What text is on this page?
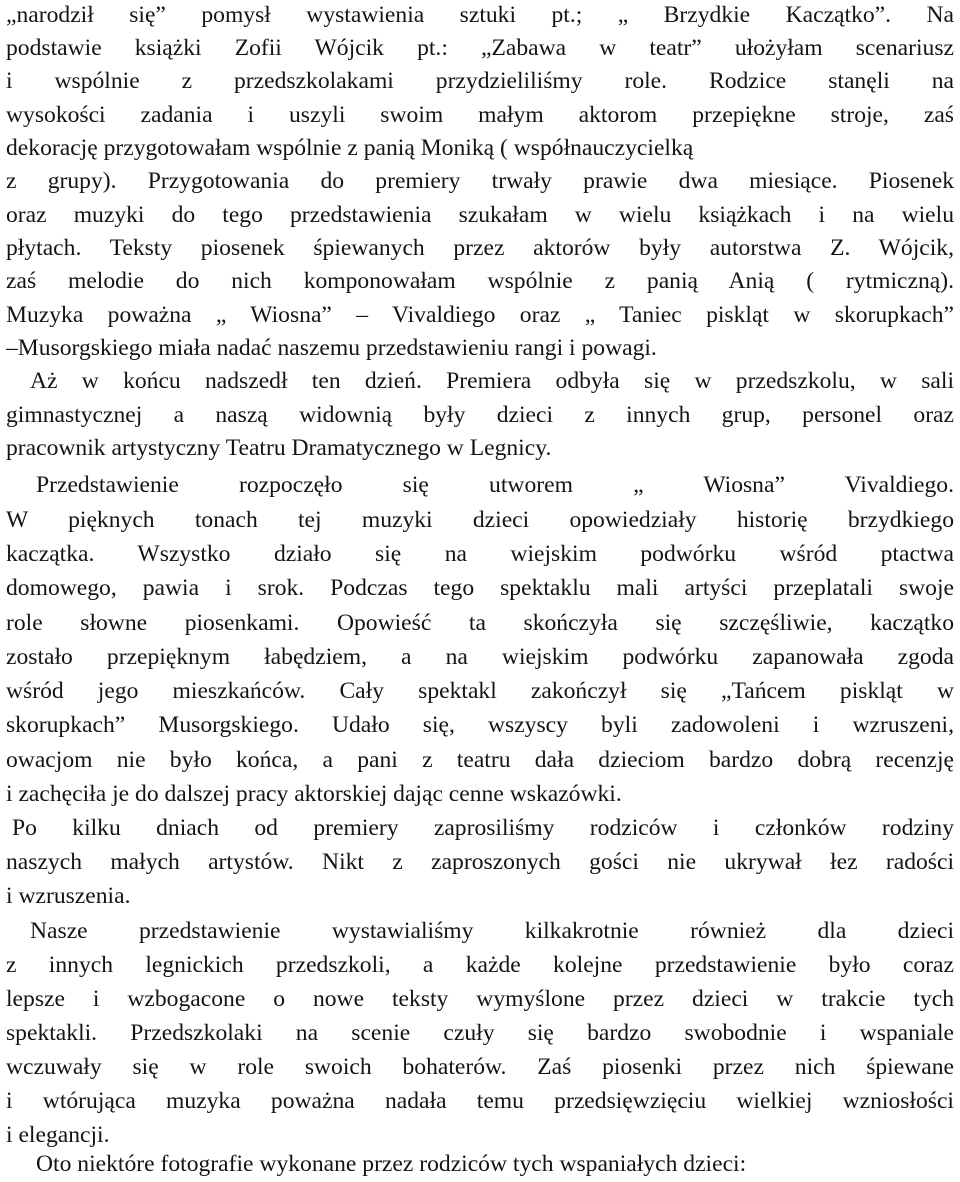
„narodził się” pomysł wystawienia sztuki pt.; „ Brzydkie Kaczątko”. Na
podstawie książki Zofii Wójcik pt.: „Zabawa w teatr” ułożyłam scenariusz
i wspólnie z przedszkolakami przydzieliliśmy role. Rodzice stanęli na
wysokości zadania i uszyli swoim małym aktorom przepiękne stroje, zaś
dekorację przygotowałam wspólnie z panią Moniką ( współnauczycielką
z grupy). Przygotowania do premiery trwały prawie dwa miesiące. Piosenek
oraz muzyki do tego przedstawienia szukałam w wielu książkach i na wielu
płytach. Teksty piosenek śpiewanych przez aktorów były autorstwa Z. Wójcik,
zaś melodie do nich komponowałam wspólnie z panią Anią ( rytmiczną).
Muzyka poważna „ Wiosna” – Vivaldiego oraz „ Taniec piskląt w skorupkach”
–Musorgskiego miała nadać naszemu przedstawieniu rangi i powagi.
Aż w końcu nadszedł ten dzień. Premiera odbyła się w przedszkolu, w sali
gimnastycznej a naszą widownią były dzieci z innych grup, personel oraz
pracownik artystyczny Teatru Dramatycznego w Legnicy.
Przedstawienie rozpoczęło się utworem „ Wiosna” Vivaldiego.
W pięknych tonach tej muzyki dzieci opowiedziały historię brzydkiego
kaczątka. Wszystko działo się na wiejskim podwórku wśród ptactwa
domowego, pawia i srok. Podczas tego spektaklu mali artyści przeplatali swoje
role słowne piosenkami. Opowieść ta skończyła się szczęśliwie, kaczątko
zostało przepięknym łabędziem, a na wiejskim podwórku zapanowała zgoda
wśród jego mieszkańców. Cały spektakl zakończył się „Tańcem piskląt w
skorupkach” Musorgskiego. Udało się, wszyscy byli zadowoleni i wzruszeni,
owacjom nie było końca, a pani z teatru dała dzieciom bardzo dobrą recenzję
i zachęciła je do dalszej pracy aktorskiej dając cenne wskazówki.
Po kilku dniach od premiery zaprosiliśmy rodziców i członków rodziny
naszych małych artystów. Nikt z zaproszonych gości nie ukrywał łez radości
i wzruszenia.
Nasze przedstawienie wystawialiśmy kilkakrotnie również dla dzieci
z innych legnickich przedszkoli, a każde kolejne przedstawienie było coraz
lepsze i wzbogacone o nowe teksty wymyślone przez dzieci w trakcie tych
spektakli. Przedszkolaki na scenie czuły się bardzo swobodnie i wspaniale
wczuwały się w role swoich bohaterów. Zaś piosenki przez nich śpiewane
i wtórująca muzyka poważna nadała temu przedsięwzięciu wielkiej wzniosłości
i elegancji.
Oto niektóre fotografie wykonane przez rodziców tych wspaniałych dzieci:
